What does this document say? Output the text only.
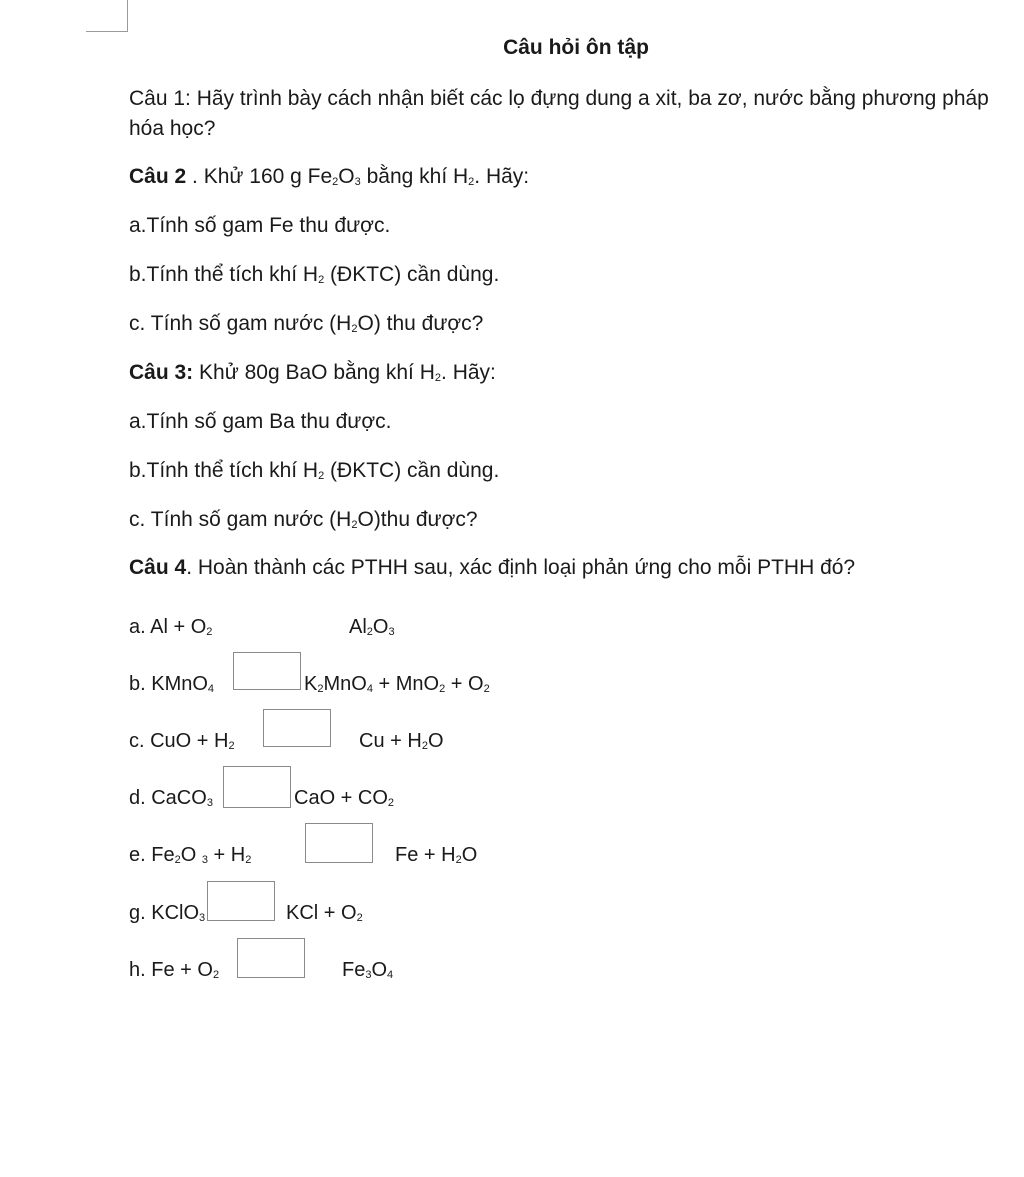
Câu hỏi ôn tập
Câu 1: Hãy trình bày cách nhận biết các lọ đựng dung a xit, ba zơ, nước bằng phương pháp hóa học?
Câu 2 . Khử 160 g $Fe_2O_3$ bằng khí $H_2$. Hãy:
a.Tính số gam Fe thu được.
b.Tính thể tích khí $H_2$ (ĐKTC) cần dùng.
c. Tính số gam nước $(H_2O)$ thu được?
Câu 3: Khử 80g BaO bằng khí $H_2$. Hãy:
a.Tính số gam Ba thu được.
b.Tính thể tích khí $H_2$ (ĐKTC) cần dùng.
c. Tính số gam nước $(H_2O)thu$ được?
Câu 4. Hoàn thành các PTHH sau, xác định loại phản ứng cho mỗi PTHH đó?
a. $Al + O_2$	$Al_2O_3$
b. KMnO$_4$	$K_2MnO_4 + MnO_2 + O_2$
c. CuO + $H_2$	$Cu + H_2O$
d. CaCO$_3$	CaO + $CO_2$
e. $Fe_2O$ $_3 + H_2$	$Fe + H_2O$
g. KClO$_3$	KCl + $O_2$
h. $Fe + O_2$	$Fe_3O_4$
